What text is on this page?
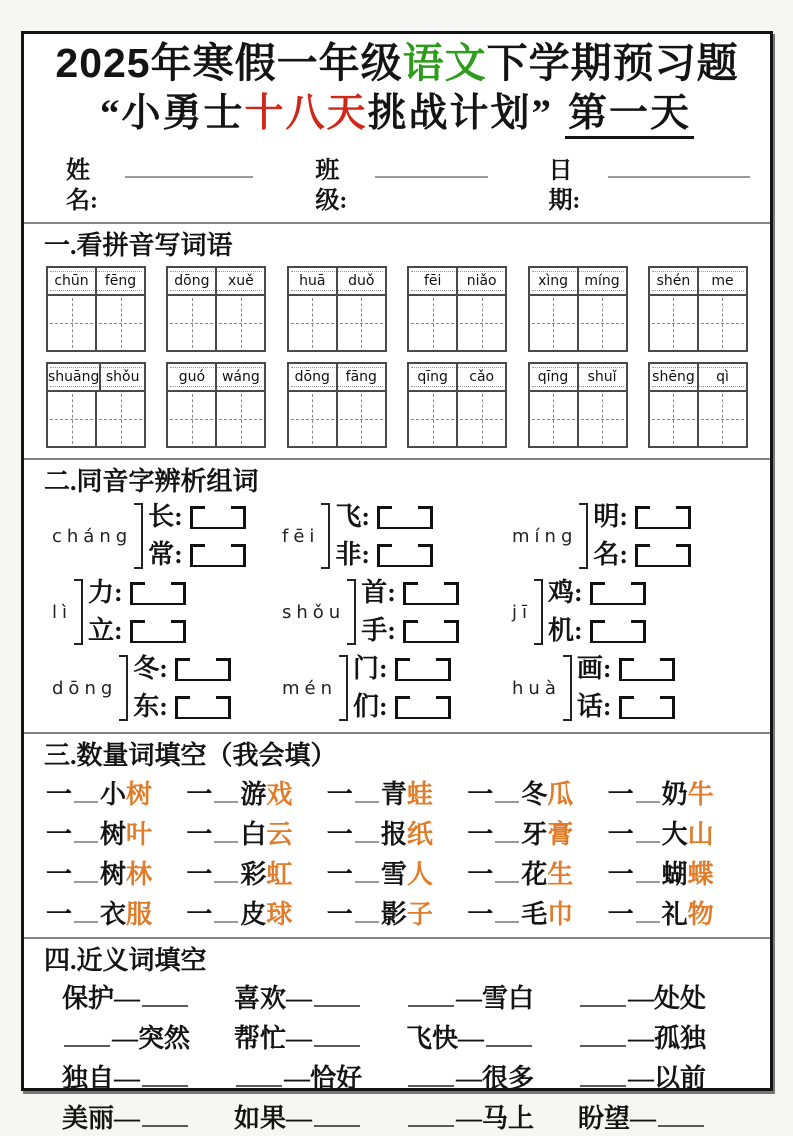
2025年寒假一年级语文下学期预习题
“小勇士十八天挑战计划” 第一天
姓名:
班级:
日期:
一.看拼音写词语
chūn	fēng	dōng	xuě	huā	duǒ	fēi	niǎo	xìng	míng	shén	me
shuāng shǒu	guó	wáng	dōng	fāng	qīng	cǎo	qīng	shuǐ	shēng	qì
二.同音字辨析组词
cháng
长:
常:
fēi
飞:
非:
míng
明:
名:
lì
力:
立:
shǒu
首:
手:
jī
鸡:
机:
dōng
冬:
东:
mén
门:
们:
huà
画:
话:
三.数量词填空（我会填）
一 小树	一 游戏	一 青蛙	一 冬瓜	一 奶牛
一 树叶	一 白云	一 报纸	一 牙膏	一 大山
一 树林	一 彩虹	一 雪人	一 花生	一 蝴蝶
一 衣服	一 皮球	一 影子	一 毛巾	一 礼物
四.近义词填空
保护—	喜欢—	—雪白	—处处
—突然	帮忙—	飞快—	—孤独
独自—	—恰好	—很多	—以前
美丽—	如果—	—马上	盼望—
